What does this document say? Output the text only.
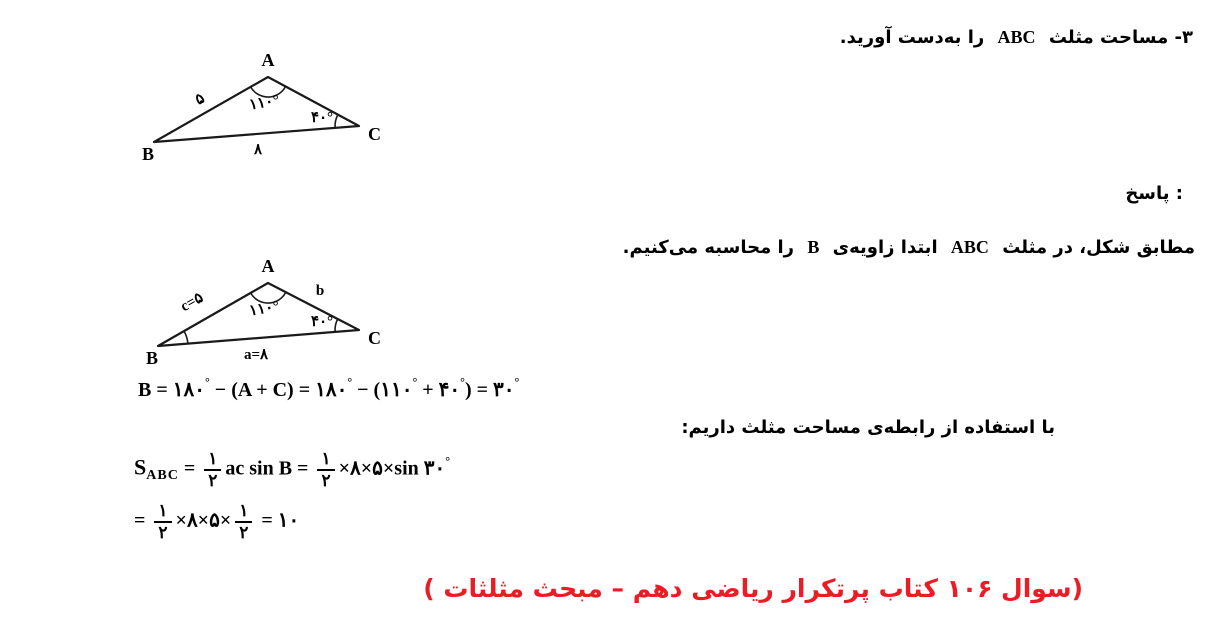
۳- مساحت مثلث ABC را به‌دست آورید.
A
B
C
۵
۸
۱۱۰°
۴۰°
پاسخ :
مطابق شکل، در مثلث ABC ابتدا زاویه‌ی B را محاسبه می‌کنیم.
A
B
C
c=۵	b
a=۸
۱۱۰°
۴۰°
B = ۱۸۰° − (A + C) = ۱۸۰° − (۱۱۰° + ۴۰°) = ۳۰°
با استفاده از رابطه‌ی مساحت مثلث داریم:
$S_{ABC} = \frac{۱}{۲}$ ac $\sin B = \frac{۱}{۲}$ ×۸×۵×sin ۳۰°
= $\frac{۱}{۲}$ ×۸×۵× $\frac{۱}{۲}$ = ۱۰
(سوال ۱۰۶ کتاب پرتکرار ریاضی دهم – مبحث مثلثات )
